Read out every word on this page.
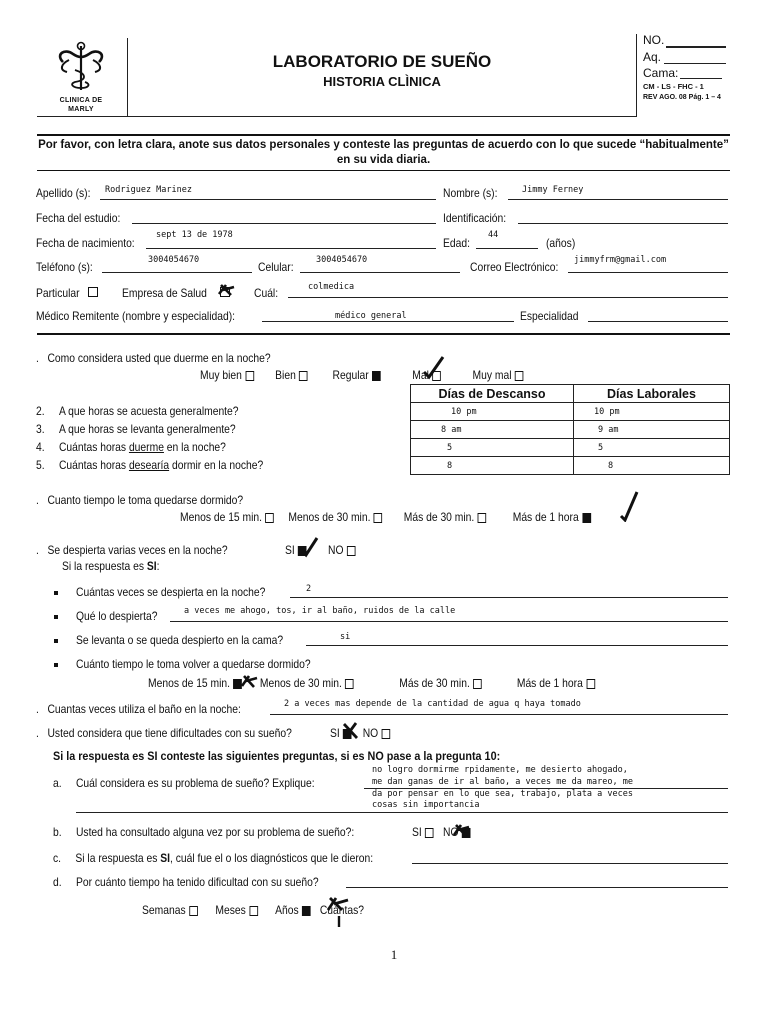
CLINICA DE MARLY
LABORATORIO DE SUEÑO
HISTORIA CLÌNICA
NO.
Aq.
Cama:
CM - LS - FHC - 1
REV AGO. 08 Pág. 1 – 4
Por favor, con letra clara, anote sus datos personales y conteste las preguntas de acuerdo con lo que sucede “habitualmente” en su vida diaria.
Apellido (s): Rodriguez Marinez	Nombre (s):	Jimmy Ferney
Fecha del estudio:	Identificación:
Fecha de nacimiento:
sept 13 de 1978
Edad:
44
(años)
Teléfono (s):	3004054670	Celular:	3004054670	Correo Electrónico: jimmyfrm@gmail.com
Particular	Empresa de Salud	Cuál:	colmedica
Médico Remitente (nombre y especialidad):	médico general	Especialidad
.   Como considera usted que duerme en la noche?
Muy bien	Bien	Regular	Mal	Muy mal
Días de Descanso	Días Laborales
10 pm	10 pm
8 am	9 am
5	5
8	8
2. A que horas se acuesta generalmente?
3. A que horas se levanta generalmente?
4. Cuántas horas duerme en la noche?
5. Cuántas horas desearía dormir en la noche?
.   Cuanto tiempo le toma quedarse dormido?
Menos de 15 min. Menos de 30 min.	Más de 30 min.	Más de 1 hora
.   Se despierta varias veces en la noche?	SI	NO
Si la respuesta es SI:
Cuántas veces se despierta en la noche?	2
Qué lo despierta?	a veces me ahogo, tos, ir al baño, ruidos de la calle
Se levanta o se queda despierto en la cama?	si
Cuánto tiempo le toma volver a quedarse dormido?
Menos de 15 min. Menos de 30 min.	Más de 30 min.	Más de 1 hora
.   Cuantas veces utiliza el baño en la noche:	2 a veces mas depende de la cantidad de agua q haya tomado
.   Usted considera que tiene dificultades con su sueño?	SI NO
Si la respuesta es SI conteste las siguientes preguntas, si es NO pase a la pregunta 10:
a. Cuál considera es su problema de sueño? Explique:
no logro dormirme rpidamente, me desierto ahogado,
me dan ganas de ir al baño, a veces me da mareo, me
da por pensar en lo que sea, trabajo, plata a veces
cosas sin importancia
b. Usted ha consultado alguna vez por su problema de sueño?:	SI NO
c. Si la respuesta es SI, cuál fue el o los diagnósticos que le dieron:
d. Por cuánto tiempo ha tenido dificultad con su sueño?
Semanas Meses Años Cuántas?
1
